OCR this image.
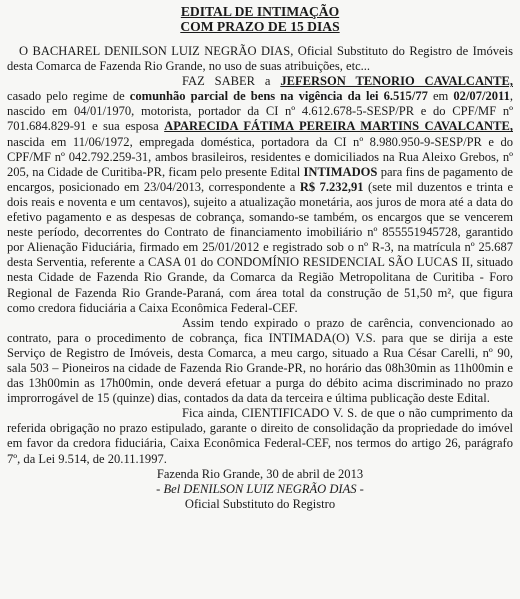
EDITAL DE INTIMAÇÃO
COM PRAZO DE 15 DIAS

O BACHAREL DENILSON LUIZ NEGRÃO DIAS, Oficial Substituto do Registro de Imóveis desta Comarca de Fazenda Rio Grande, no uso de suas atribuições, etc...

FAZ SABER a JEFERSON TENORIO CAVALCANTE, casado pelo regime de comunhão parcial de bens na vigência da lei 6.515/77 em 02/07/2011, nascido em 04/01/1970, motorista, portador da CI nº 4.612.678-5-SESP/PR e do CPF/MF nº 701.684.829-91 e sua esposa APARECIDA FÁTIMA PEREIRA MARTINS CAVALCANTE, nascida em 11/06/1972, empregada doméstica, portadora da CI nº 8.980.950-9-SESP/PR e do CPF/MF nº 042.792.259-31, ambos brasileiros, residentes e domiciliados na Rua Aleixo Grebos, nº 205, na Cidade de Curitiba-PR, ficam pelo presente Edital INTIMADOS para fins de pagamento de encargos, posicionado em 23/04/2013, correspondente a R$ 7.232,91 (sete mil duzentos e trinta e dois reais e noventa e um centavos), sujeito a atualização monetária, aos juros de mora até a data do efetivo pagamento e as despesas de cobrança, somando-se também, os encargos que se vencerem neste período, decorrentes do Contrato de financiamento imobiliário nº 855551945728, garantido por Alienação Fiduciária, firmado em 25/01/2012 e registrado sob o nº R-3, na matrícula nº 25.687 desta Serventia, referente a CASA 01 do CONDOMÍNIO RESIDENCIAL SÃO LUCAS II, situado nesta Cidade de Fazenda Rio Grande, da Comarca da Região Metropolitana de Curitiba - Foro Regional de Fazenda Rio Grande-Paraná, com área total da construção de 51,50 m², que figura como credora fiduciária a Caixa Econômica Federal-CEF.

Assim tendo expirado o prazo de carência, convencionado ao contrato, para o procedimento de cobrança, fica INTIMADA(O) V.S. para que se dirija a este Serviço de Registro de Imóveis, desta Comarca, a meu cargo, situado a Rua César Carelli, nº 90, sala 503 – Pioneiros na cidade de Fazenda Rio Grande-PR, no horário das 08h30min as 11h00min e das 13h00min as 17h00min, onde deverá efetuar a purga do débito acima discriminado no prazo improrrogável de 15 (quinze) dias, contados da data da terceira e última publicação deste Edital.

Fica ainda, CIENTIFICADO V. S. de que o não cumprimento da referida obrigação no prazo estipulado, garante o direito de consolidação da propriedade do imóvel em favor da credora fiduciária, Caixa Econômica Federal-CEF, nos termos do artigo 26, parágrafo 7º, da Lei 9.514, de 20.11.1997.

Fazenda Rio Grande, 30 de abril de 2013
- Bel DENILSON LUIZ NEGRÃO DIAS -
Oficial Substituto do Registro
